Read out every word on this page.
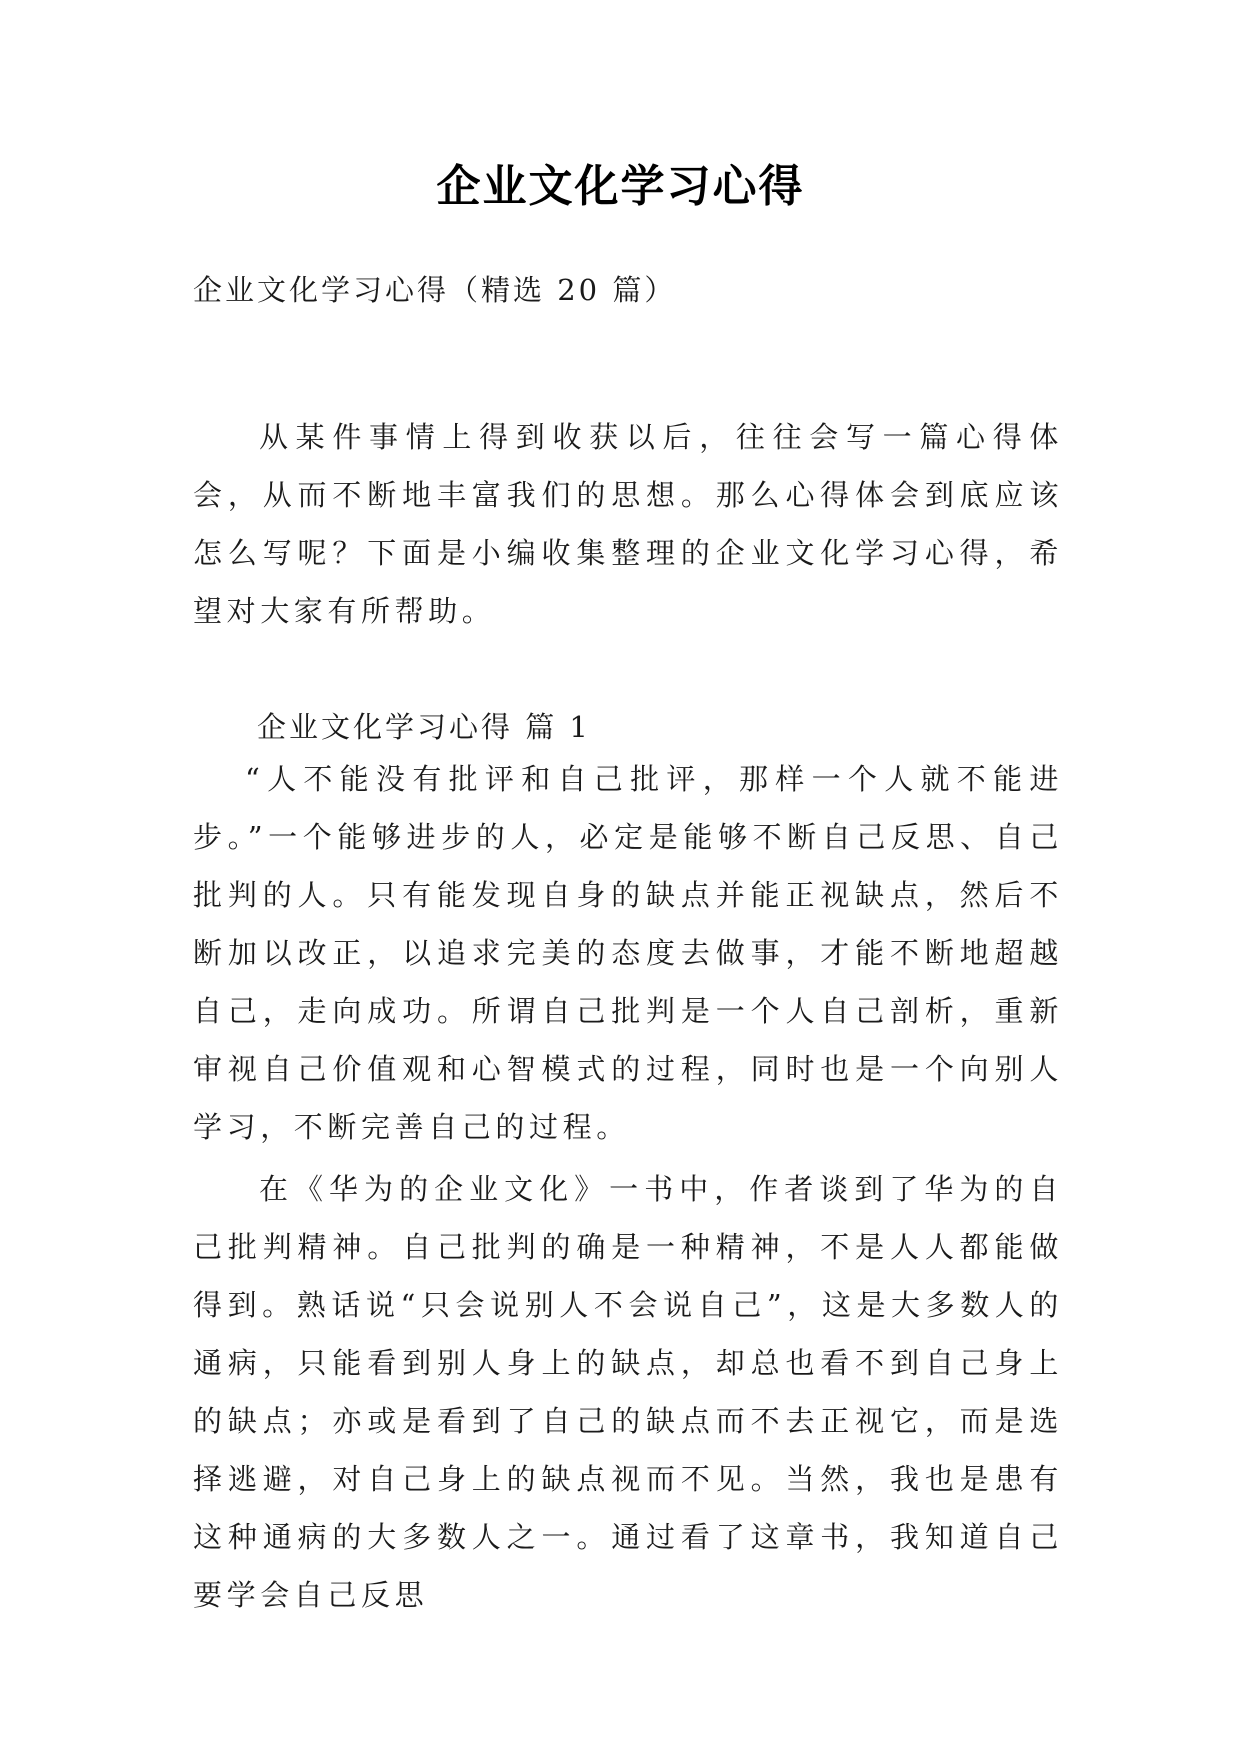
企业文化学习心得
企业文化学习心得（精选 20 篇）
从某件事情上得到收获以后，往往会写一篇心得体会，从而不断地丰富我们的思想。那么心得体会到底应该怎么写呢？下面是小编收集整理的企业文化学习心得，希望对大家有所帮助。
企业文化学习心得 篇 1
“人不能没有批评和自己批评，那样一个人就不能进步。”一个能够进步的人，必定是能够不断自己反思、自己批判的人。只有能发现自身的缺点并能正视缺点，然后不断加以改正，以追求完美的态度去做事，才能不断地超越自己，走向成功。所谓自己批判是一个人自己剖析，重新审视自己价值观和心智模式的过程，同时也是一个向别人学习，不断完善自己的过程。
在《华为的企业文化》一书中，作者谈到了华为的自己批判精神。自己批判的确是一种精神，不是人人都能做得到。熟话说“只会说别人不会说自己”，这是大多数人的通病，只能看到别人身上的缺点，却总也看不到自己身上的缺点；亦或是看到了自己的缺点而不去正视它，而是选择逃避，对自己身上的缺点视而不见。当然，我也是患有这种通病的大多数人之一。通过看了这章书，我知道自己要学会自己反思
